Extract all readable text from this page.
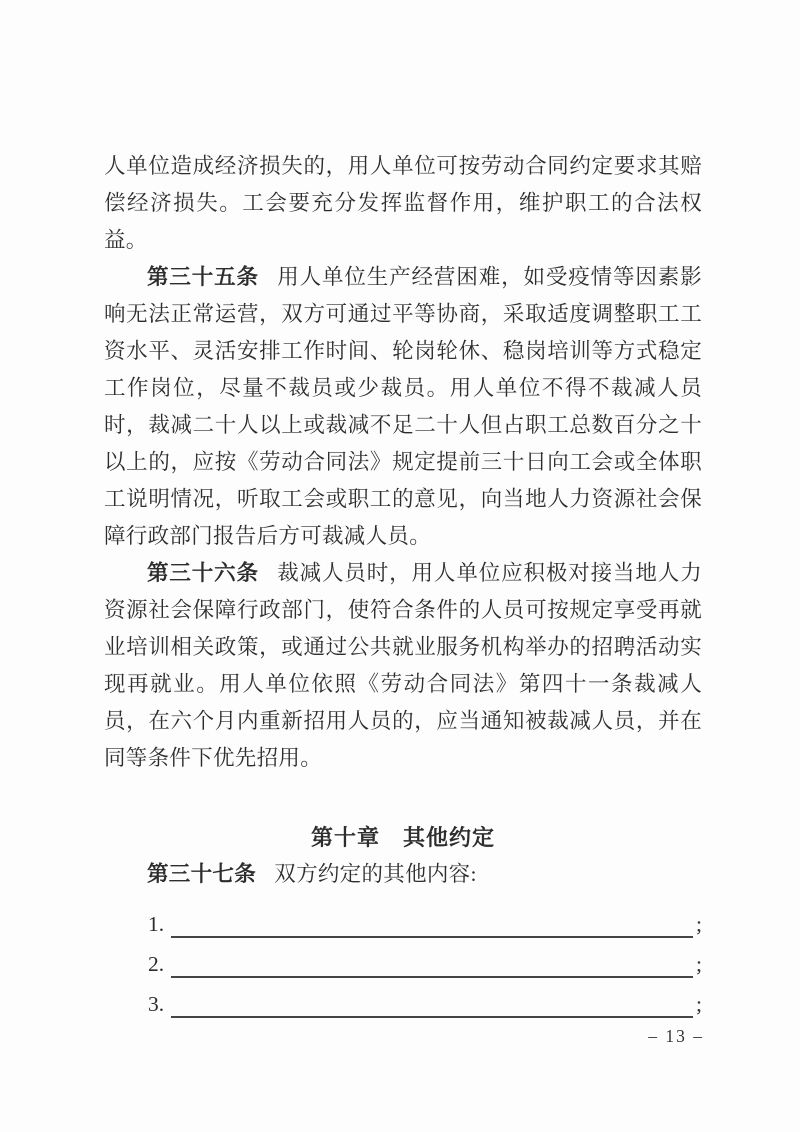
人单位造成经济损失的，用人单位可按劳动合同约定要求其赔偿经济损失。工会要充分发挥监督作用，维护职工的合法权益。

第三十五条 用人单位生产经营困难，如受疫情等因素影响无法正常运营，双方可通过平等协商，采取适度调整职工工资水平、灵活安排工作时间、轮岗轮休、稳岗培训等方式稳定工作岗位，尽量不裁员或少裁员。用人单位不得不裁减人员时，裁减二十人以上或裁减不足二十人但占职工总数百分之十以上的，应按《劳动合同法》规定提前三十日向工会或全体职工说明情况，听取工会或职工的意见，向当地人力资源社会保障行政部门报告后方可裁减人员。

第三十六条 裁减人员时，用人单位应积极对接当地人力资源社会保障行政部门，使符合条件的人员可按规定享受再就业培训相关政策，或通过公共就业服务机构举办的招聘活动实现再就业。用人单位依照《劳动合同法》第四十一条裁减人员，在六个月内重新招用人员的，应当通知被裁减人员，并在同等条件下优先招用。

第十章　其他约定

第三十七条 双方约定的其他内容:

1.	;
2.	;
3.	;
– 13 –
